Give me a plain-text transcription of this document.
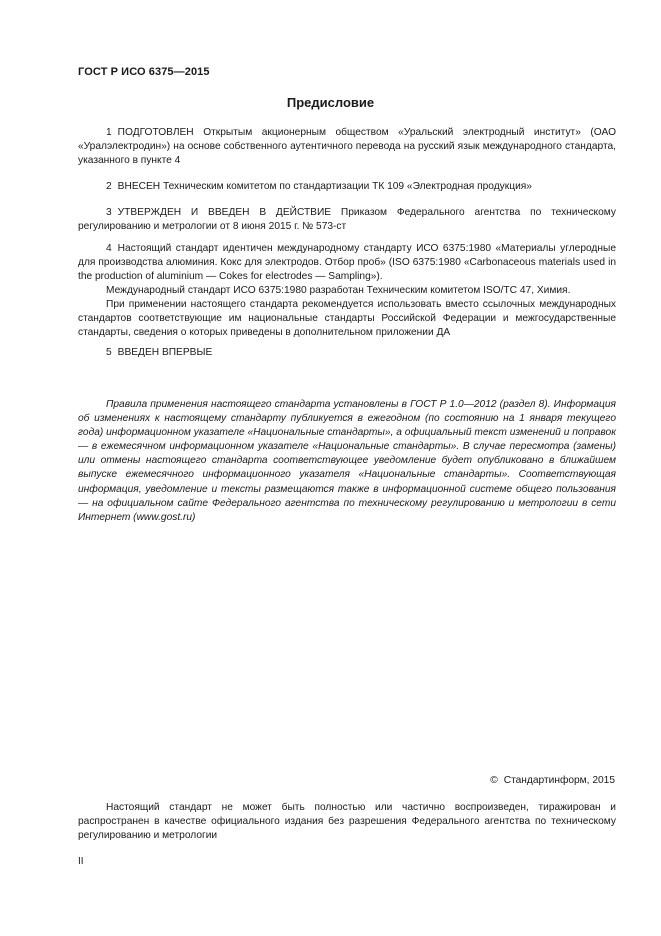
ГОСТ Р ИСО 6375—2015
Предисловие

1 ПОДГОТОВЛЕН Открытым акционерным обществом «Уральский электродный институт» (ОАО «Уралэлектродин») на основе собственного аутентичного перевода на русский язык международного стандарта, указанного в пункте 4

2 ВНЕСЕН Техническим комитетом по стандартизации ТК 109 «Электродная продукция»

3 УТВЕРЖДЕН И ВВЕДЕН В ДЕЙСТВИЕ Приказом Федерального агентства по техническому регулированию и метрологии от 8 июня 2015 г. № 573-ст

4 Настоящий стандарт идентичен международному стандарту ИСО 6375:1980 «Материалы углеродные для производства алюминия. Кокс для электродов. Отбор проб» (ISO 6375:1980 «Carbonaceous materials used in the production of aluminium — Cokes for electrodes — Sampling»).

Международный стандарт ИСО 6375:1980 разработан Техническим комитетом ISO/TC 47, Химия.

При применении настоящего стандарта рекомендуется использовать вместо ссылочных международных стандартов соответствующие им национальные стандарты Российской Федерации и межгосударственные стандарты, сведения о которых приведены в дополнительном приложении ДА

5 ВВЕДЕН ВПЕРВЫЕ

Правила применения настоящего стандарта установлены в ГОСТ Р 1.0—2012 (раздел 8). Информация об изменениях к настоящему стандарту публикуется в ежегодном (по состоянию на 1 января текущего года) информационном указателе «Национальные стандарты», а официальный текст изменений и поправок — в ежемесячном информационном указателе «Национальные стандарты». В случае пересмотра (замены) или отмены настоящего стандарта соответствующее уведомление будет опубликовано в ближайшем выпуске ежемесячного информационного указателя «Национальные стандарты». Соответствующая информация, уведомление и тексты размещаются также в информационной системе общего пользования — на официальном сайте Федерального агентства по техническому регулированию и метрологии в сети Интернет (www.gost.ru)

© Стандартинформ, 2015

Настоящий стандарт не может быть полностью или частично воспроизведен, тиражирован и распространен в качестве официального издания без разрешения Федерального агентства по техническому регулированию и метрологии

II
